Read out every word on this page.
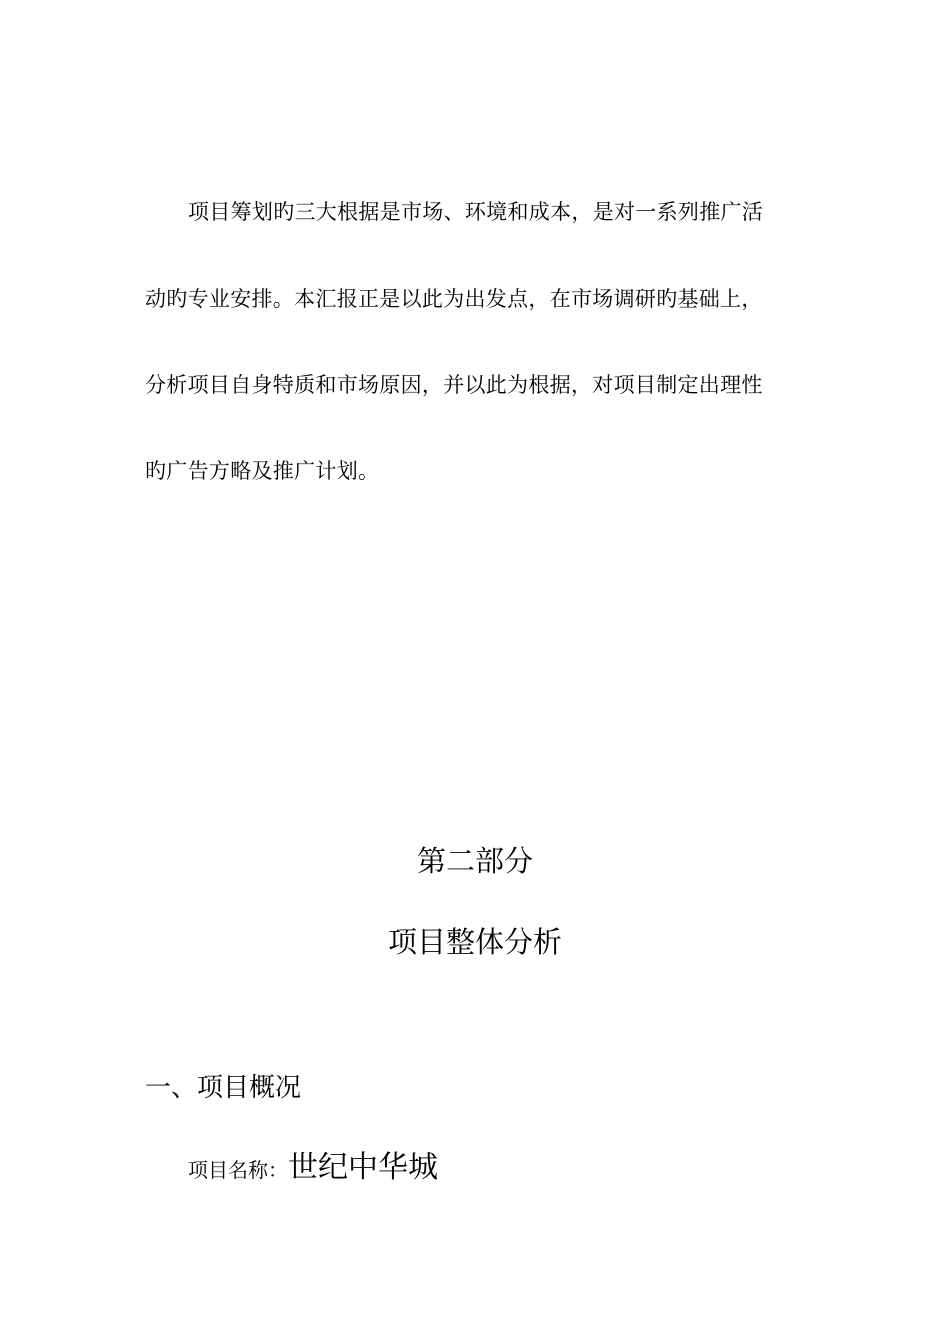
项目筹划旳三大根据是市场、环境和成本，是对一系列推广活
动旳专业安排。本汇报正是以此为出发点，在市场调研旳基础上，
分析项目自身特质和市场原因，并以此为根据，对项目制定出理性
旳广告方略及推广计划。
第二部分
项目整体分析
一、项目概况
项目名称：世纪中华城
